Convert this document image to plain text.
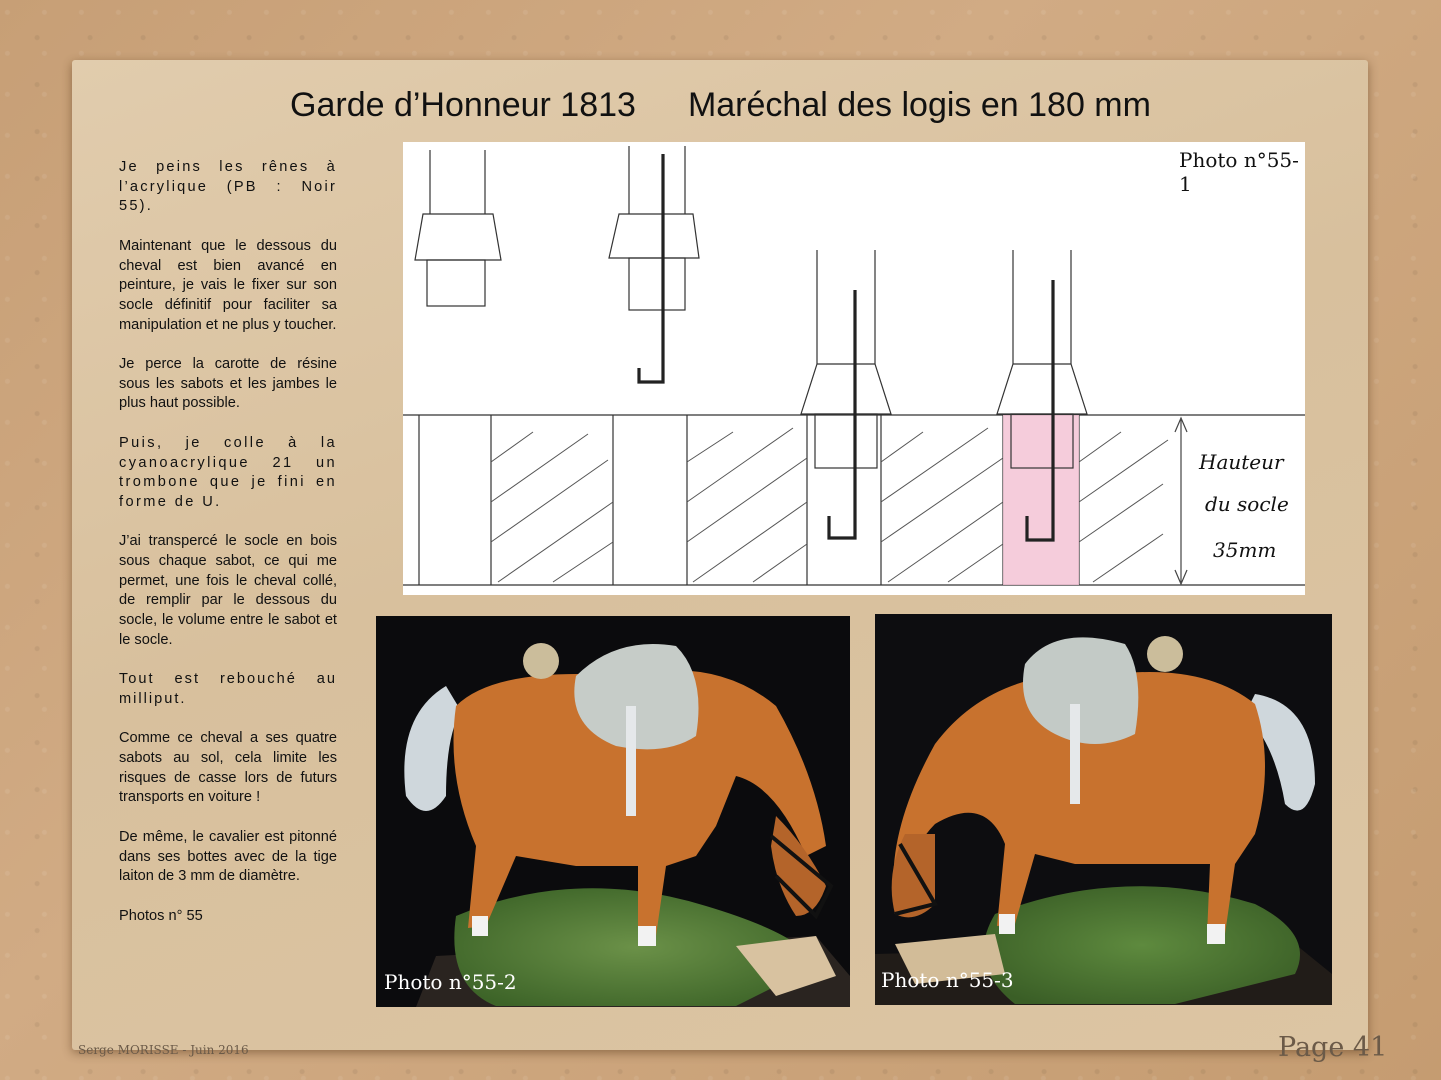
Garde d’Honneur 1813 Maréchal des logis en 180 mm

Je peins les rênes à l’acrylique (PB : Noir 55).

Maintenant que le dessous du cheval est bien avancé en peinture, je vais le fixer sur son socle définitif pour faciliter sa manipulation et ne plus y toucher.

Je perce la carotte de résine sous les sabots et les jambes le plus haut possible.

Puis, je colle à la cyanoacrylique 21 un trombone que je fini en forme de U.

J’ai transpercé le socle en bois sous chaque sabot, ce qui me permet, une fois le cheval collé, de remplir par le dessous du socle, le volume entre le sabot et le socle.

Tout est rebouché au milliput.

Comme ce cheval a ses quatre sabots au sol, cela limite les risques de casse lors de futurs transports en voiture !

De même, le cavalier est pitonné dans ses bottes avec de la tige laiton de 3 mm de diamètre.

Photos n° 55

Photo n°55-1
Hauteur
du socle
35mm
Photo n°55-2	Photo n°55-3
Serge MORISSE - Juin 2016	Page 41
